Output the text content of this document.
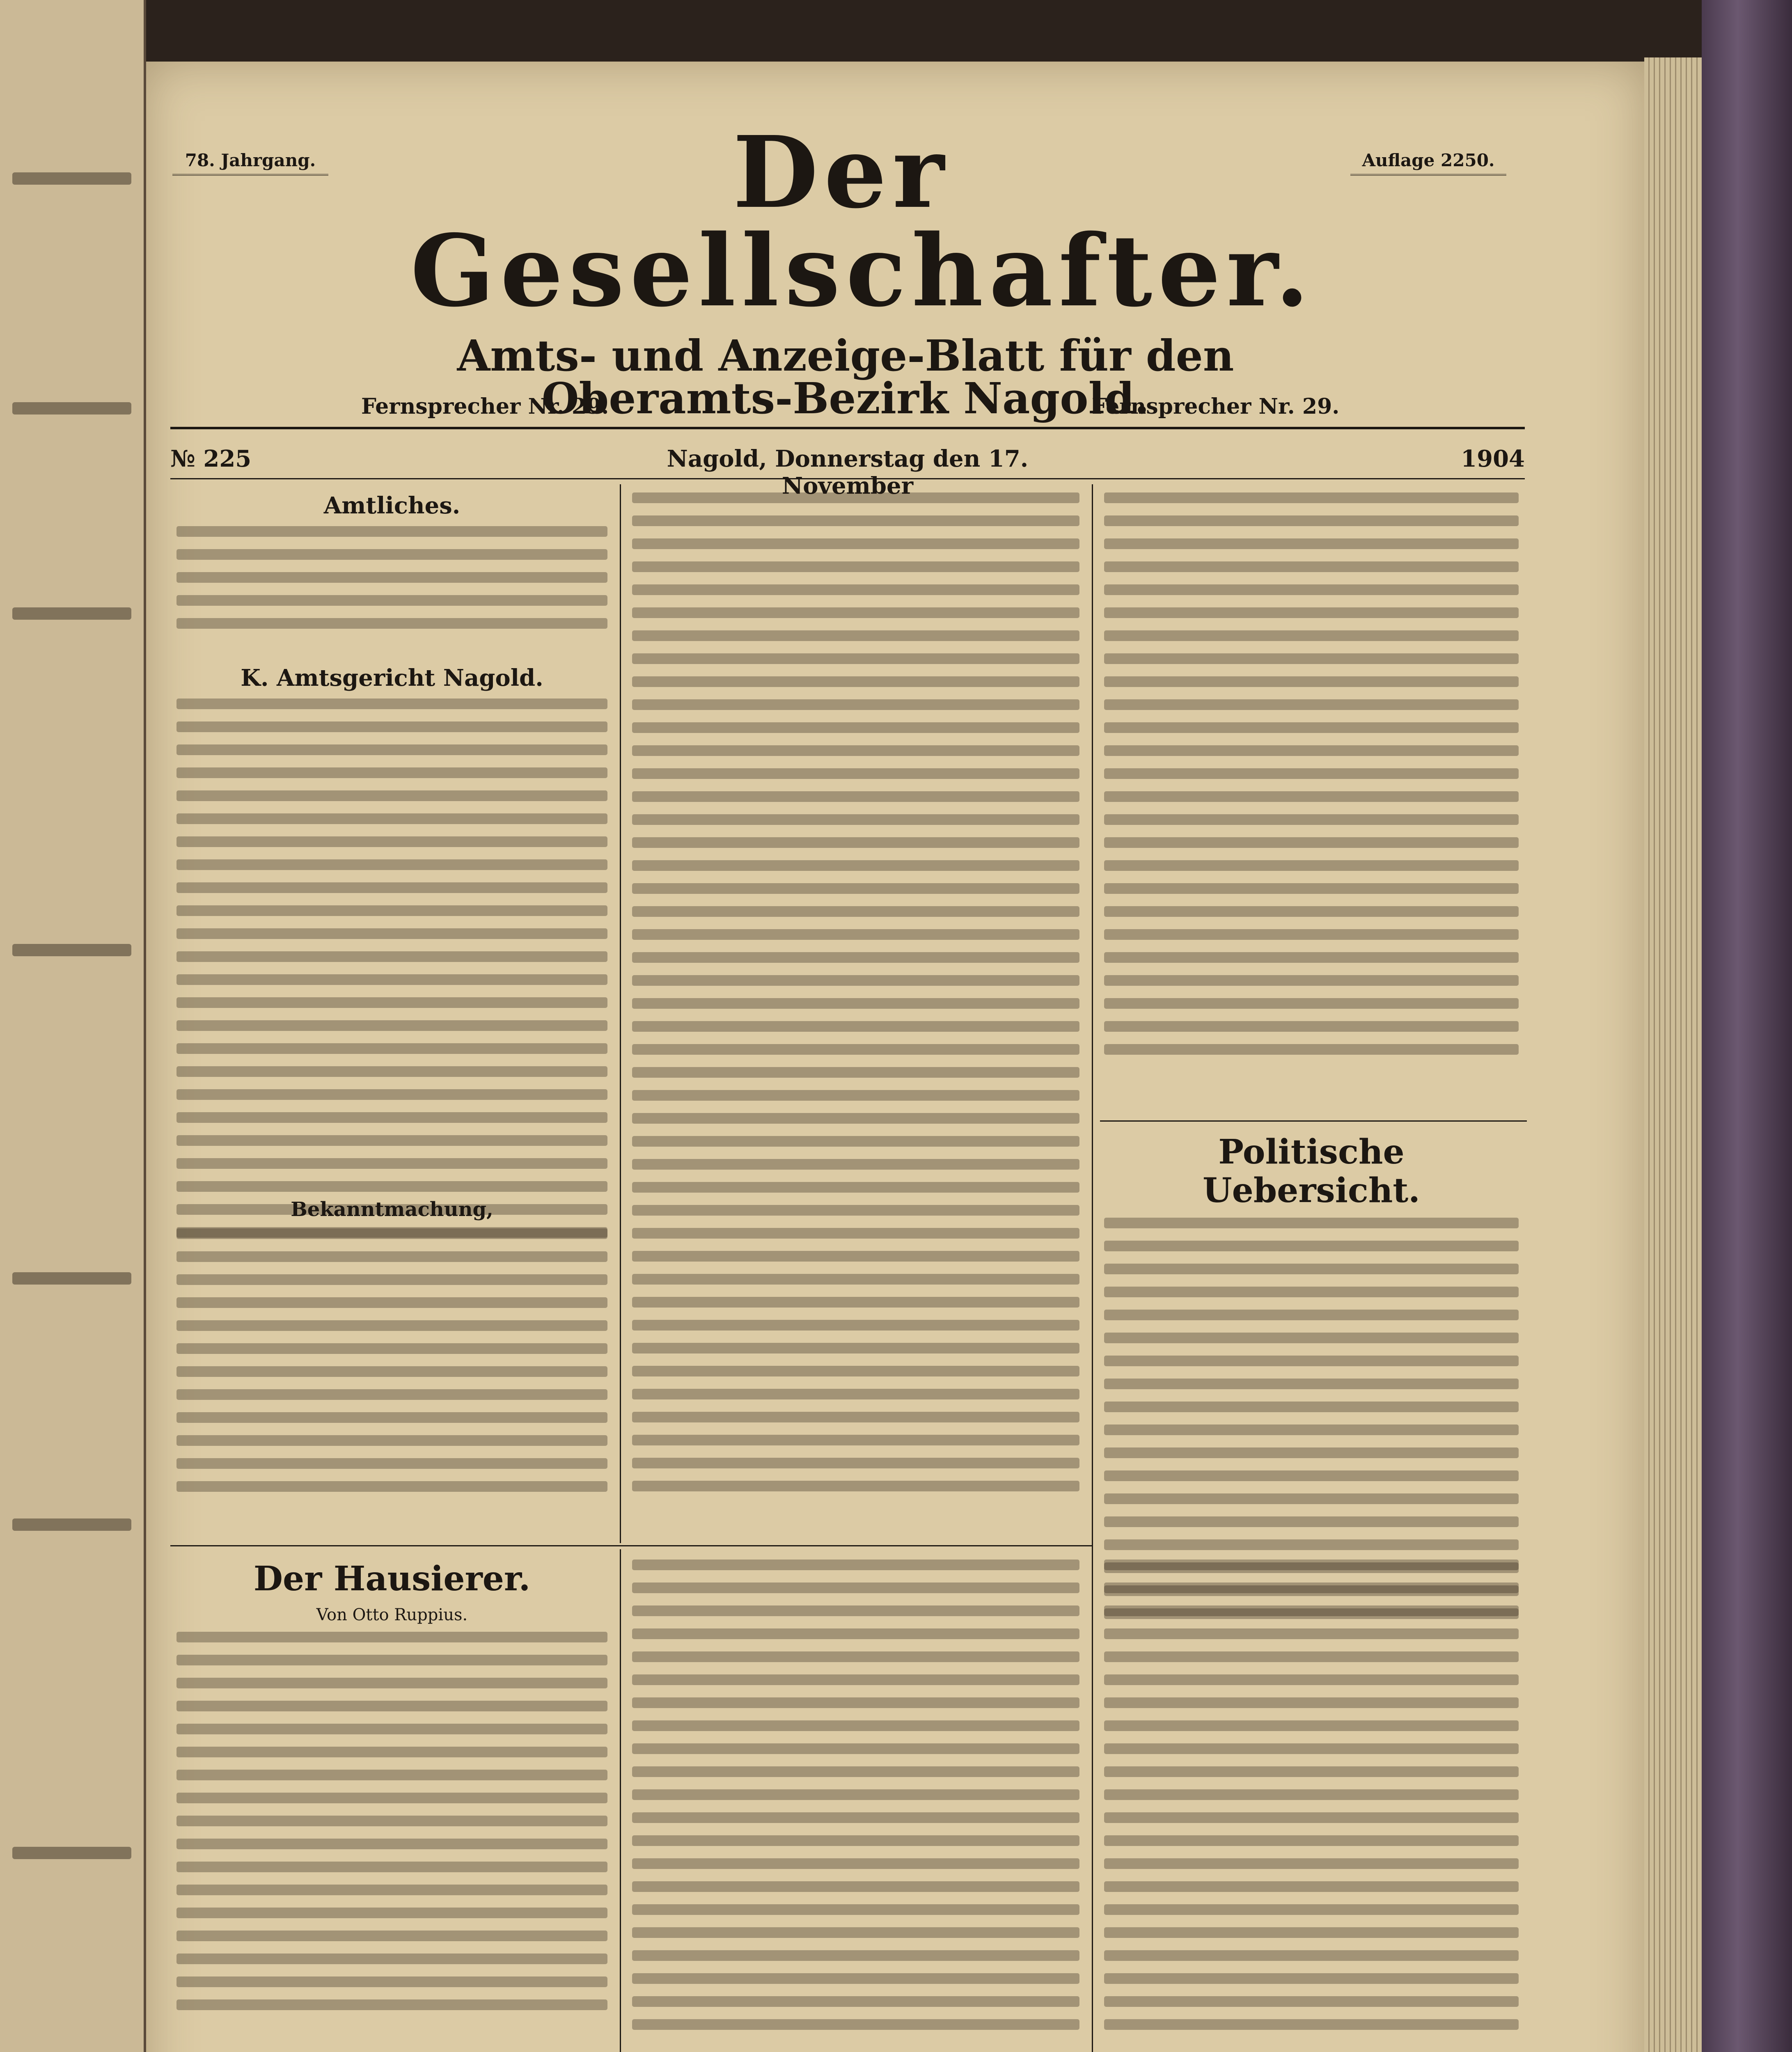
78. Jahrgang.	Auflage 2250.
Der Gesellschafter.
Amts- und Anzeige-Blatt für den Oberamts-Bezirk Nagold.
Fernsprecher Nr. 29.	Fernsprecher Nr. 29.
№ 225	Nagold, Donnerstag den 17. November
1904
Amtliches.
K. Amtsgericht Nagold.
Bekanntmachung,
Politische Uebersicht.
Der Hausierer.
Von Otto Ruppius.
